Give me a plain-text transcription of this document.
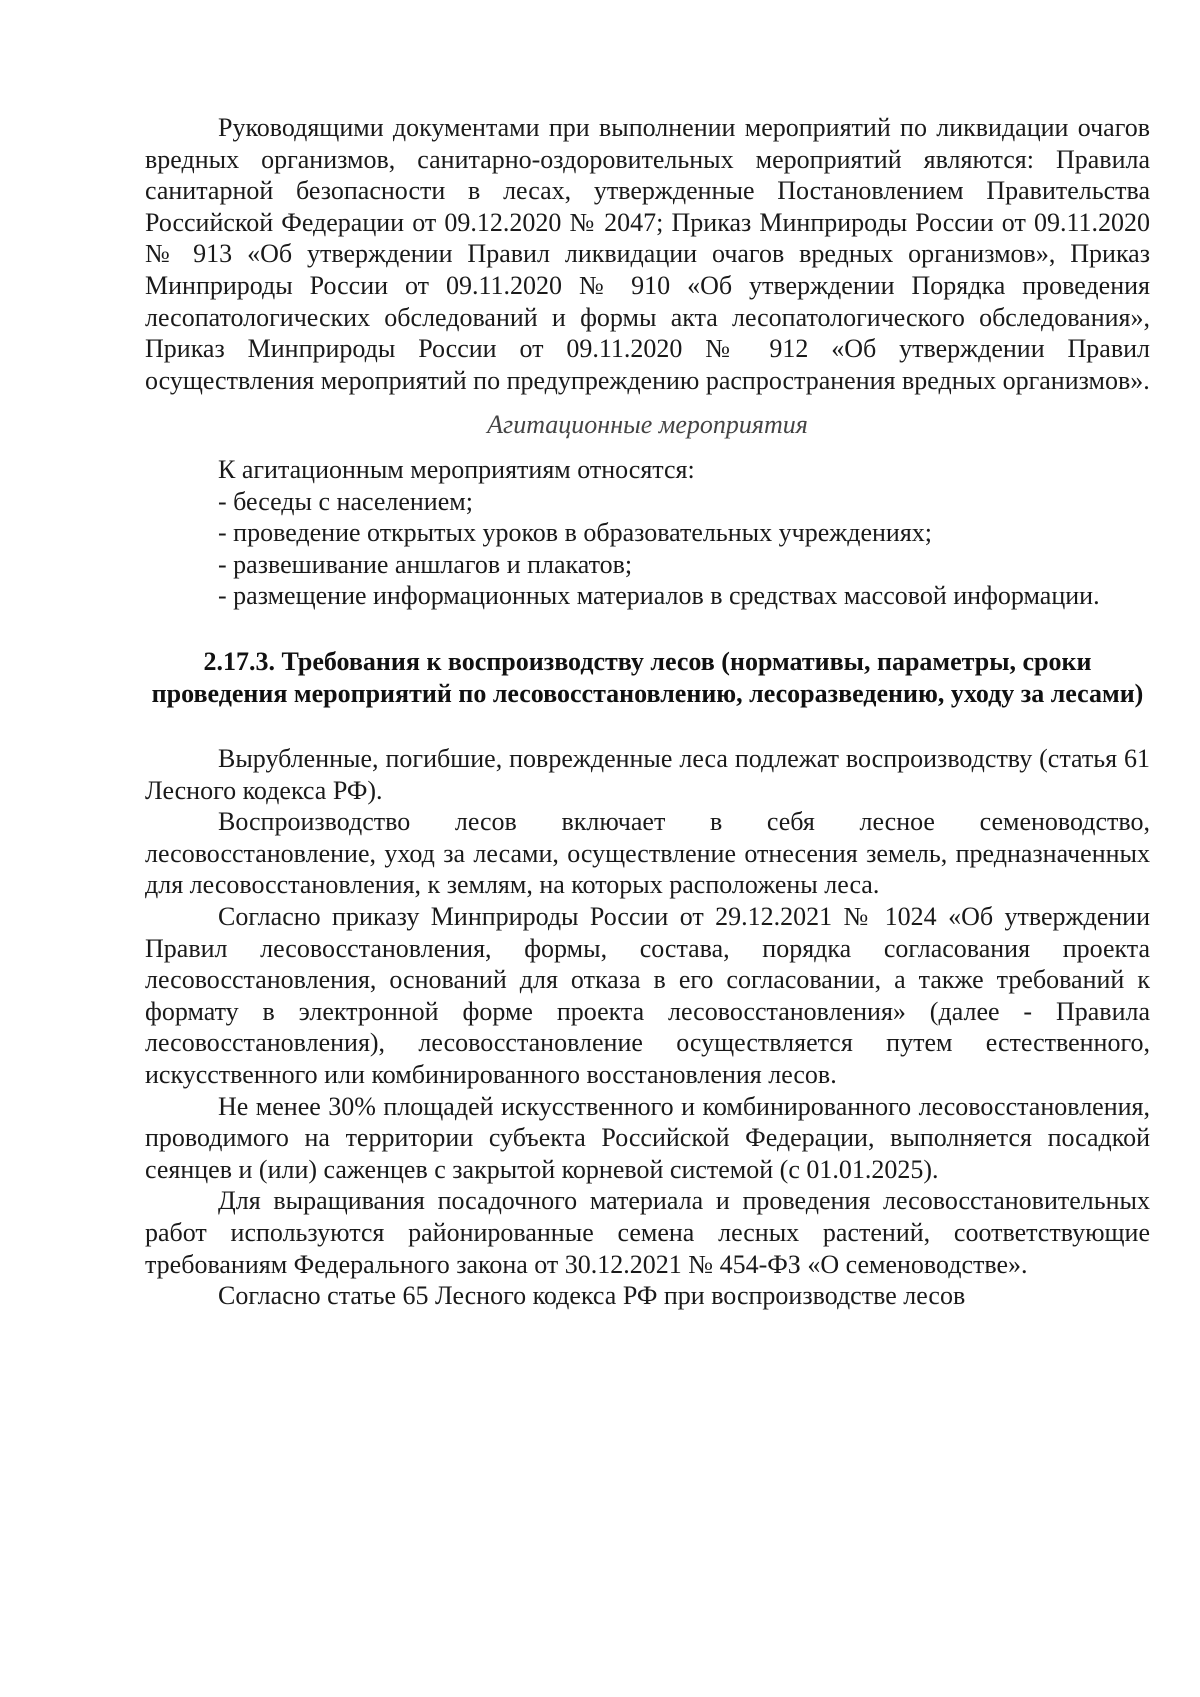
Руководящими документами при выполнении мероприятий по ликвидации очагов вредных организмов, санитарно-оздоровительных мероприятий являются: Правила санитарной безопасности в лесах, утвержденные Постановлением Правительства Российской Федерации от 09.12.2020 № 2047; Приказ Минприроды России от 09.11.2020 № 913 «Об утверждении Правил ликвидации очагов вредных организмов», Приказ Минприроды России от 09.11.2020 № 910 «Об утверждении Порядка проведения лесопатологических обследований и формы акта лесопатологического обследования», Приказ Минприроды России от 09.11.2020 № 912 «Об утверждении Правил осуществления мероприятий по предупреждению распространения вредных организмов».

Агитационные мероприятия

К агитационным мероприятиям относятся:

- беседы с населением;
- проведение открытых уроков в образовательных учреждениях;
- развешивание аншлагов и плакатов;
- размещение информационных материалов в средствах массовой информации.
2.17.3. Требования к воспроизводству лесов (нормативы, параметры, сроки проведения мероприятий по лесовосстановлению, лесоразведению, уходу за лесами)

Вырубленные, погибшие, поврежденные леса подлежат воспроизводству (статья 61 Лесного кодекса РФ).

Воспроизводство лесов включает в себя лесное семеноводство, лесовосстановление, уход за лесами, осуществление отнесения земель, предназначенных для лесовосстановления, к землям, на которых расположены леса.

Согласно приказу Минприроды России от 29.12.2021 № 1024 «Об утверждении Правил лесовосстановления, формы, состава, порядка согласования проекта лесовосстановления, оснований для отказа в его согласовании, а также требований к формату в электронной форме проекта лесовосстановления» (далее - Правила лесовосстановления), лесовосстановление осуществляется путем естественного, искусственного или комбинированного восстановления лесов.

Не менее 30% площадей искусственного и комбинированного лесовосстановления, проводимого на территории субъекта Российской Федерации, выполняется посадкой сеянцев и (или) саженцев с закрытой корневой системой (с 01.01.2025).

Для выращивания посадочного материала и проведения лесовосстановительных работ используются районированные семена лесных растений, соответствующие требованиям Федерального закона от 30.12.2021 № 454-ФЗ «О семеноводстве».

Согласно статье 65 Лесного кодекса РФ при воспроизводстве лесов
